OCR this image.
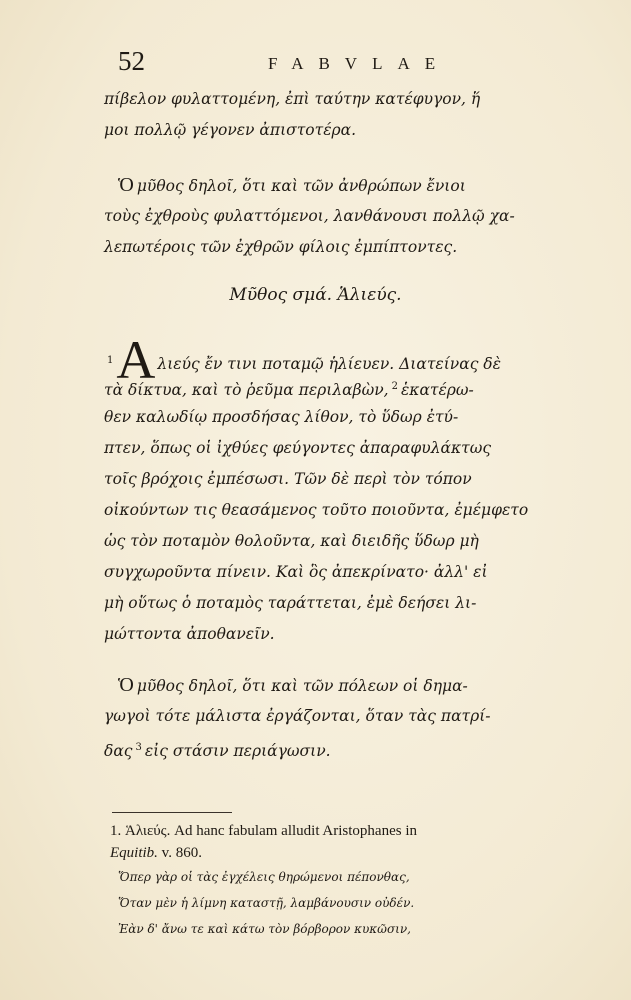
52	FABVLAE
πίβελον φυλαττομένη, ἐπὶ ταύτην κατέφυγον, ἥ
μοι πολλῷ γέγονεν ἀπιστοτέρα.
Ὁ μῦθος δηλοῖ, ὅτι καὶ τῶν ἀνθρώπων ἔνιοι
τοὺς ἐχθροὺς φυλαττόμενοι, λανθάνουσι πολλῷ χα-
λεπωτέροις τῶν ἐχθρῶν φίλοις ἐμπίπτοντες.
Μῦθος σμά. Ἁλιεύς.
$^1$Α λιεύς ἔν τινι ποταμῷ ἡλίευεν. Διατείνας δὲ
τὰ δίκτυα, καὶ τὸ ῥεῦμα περιλαβὼν, $^2$ ἑκατέρω-
θεν καλωδίῳ προσδήσας λίθον, τὸ ὕδωρ ἐτύ-
πτεν, ὅπως οἱ ἰχθύες φεύγοντες ἀπαραφυλάκτως
τοῖς βρόχοις ἐμπέσωσι. Τῶν δὲ περὶ τὸν τόπον
οἰκούντων τις θεασάμενος τοῦτο ποιοῦντα, ἐμέμφετο
ὡς τὸν ποταμὸν θολοῦντα, καὶ διειδῆς ὕδωρ μὴ
συγχωροῦντα πίνειν. Καὶ ὃς ἀπεκρίνατο· ἀλλ' εἰ
μὴ οὕτως ὁ ποταμὸς ταράττεται, ἐμὲ δεήσει λι-
μώττοντα ἀποθανεῖν.
Ὁ μῦθος δηλοῖ, ὅτι καὶ τῶν πόλεων οἱ δημα-
γωγοὶ τότε μάλιστα ἐργάζονται, ὅταν τὰς πατρί-
δας $^3$ εἰς στάσιν περιάγωσιν.
1. Ἁλιεύς. Ad hanc fabulam alludit Aristophanes in
Equitib. v. 860.
Ὅπερ γὰρ οἱ τὰς ἐγχέλεις θηρώμενοι πέπονθας,
Ὅταν μὲν ἡ λίμνη καταστῇ, λαμβάνουσιν οὐδέν.
Ἐὰν δ' ἄνω τε καὶ κάτω τὸν βόρβορον κυκῶσιν,
